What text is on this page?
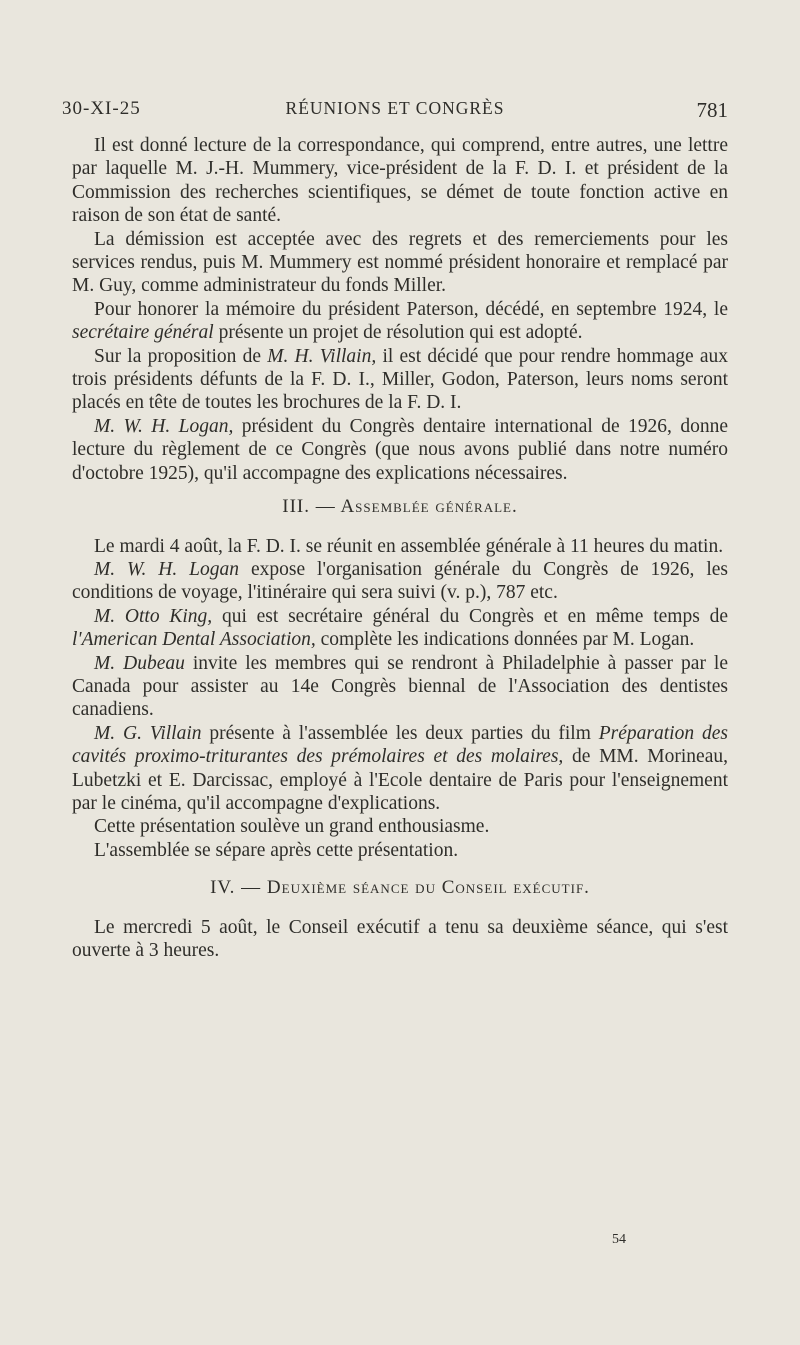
30-XI-25	RÉUNIONS ET CONGRÈS	781

Il est donné lecture de la correspondance, qui comprend, entre autres, une lettre par laquelle M. J.-H. Mummery, vice-président de la F. D. I. et président de la Commission des recherches scientifiques, se démet de toute fonction active en raison de son état de santé.

La démission est acceptée avec des regrets et des remerciements pour les services rendus, puis M. Mummery est nommé président honoraire et remplacé par M. Guy, comme administrateur du fonds Miller.

Pour honorer la mémoire du président Paterson, décédé, en septembre 1924, le secrétaire général présente un projet de résolution qui est adopté.

Sur la proposition de M. H. Villain, il est décidé que pour rendre hommage aux trois présidents défunts de la F. D. I., Miller, Godon, Paterson, leurs noms seront placés en tête de toutes les brochures de la F. D. I.

M. W. H. Logan, président du Congrès dentaire international de 1926, donne lecture du règlement de ce Congrès (que nous avons publié dans notre numéro d'octobre 1925), qu'il accompagne des explications nécessaires.

III. — Assemblée générale.

Le mardi 4 août, la F. D. I. se réunit en assemblée générale à 11 heures du matin.

M. W. H. Logan expose l'organisation générale du Congrès de 1926, les conditions de voyage, l'itinéraire qui sera suivi (v. p.), 787 etc.

M. Otto King, qui est secrétaire général du Congrès et en même temps de l'American Dental Association, complète les indications données par M. Logan.

M. Dubeau invite les membres qui se rendront à Philadelphie à passer par le Canada pour assister au 14e Congrès biennal de l'Association des dentistes canadiens.

M. G. Villain présente à l'assemblée les deux parties du film Préparation des cavités proximo-triturantes des prémolaires et des molaires, de MM. Morineau, Lubetzki et E. Darcissac, employé à l'Ecole dentaire de Paris pour l'enseignement par le cinéma, qu'il accompagne d'explications.

Cette présentation soulève un grand enthousiasme.

L'assemblée se sépare après cette présentation.

IV. — Deuxième séance du Conseil exécutif.

Le mercredi 5 août, le Conseil exécutif a tenu sa deuxième séance, qui s'est ouverte à 3 heures.

54
